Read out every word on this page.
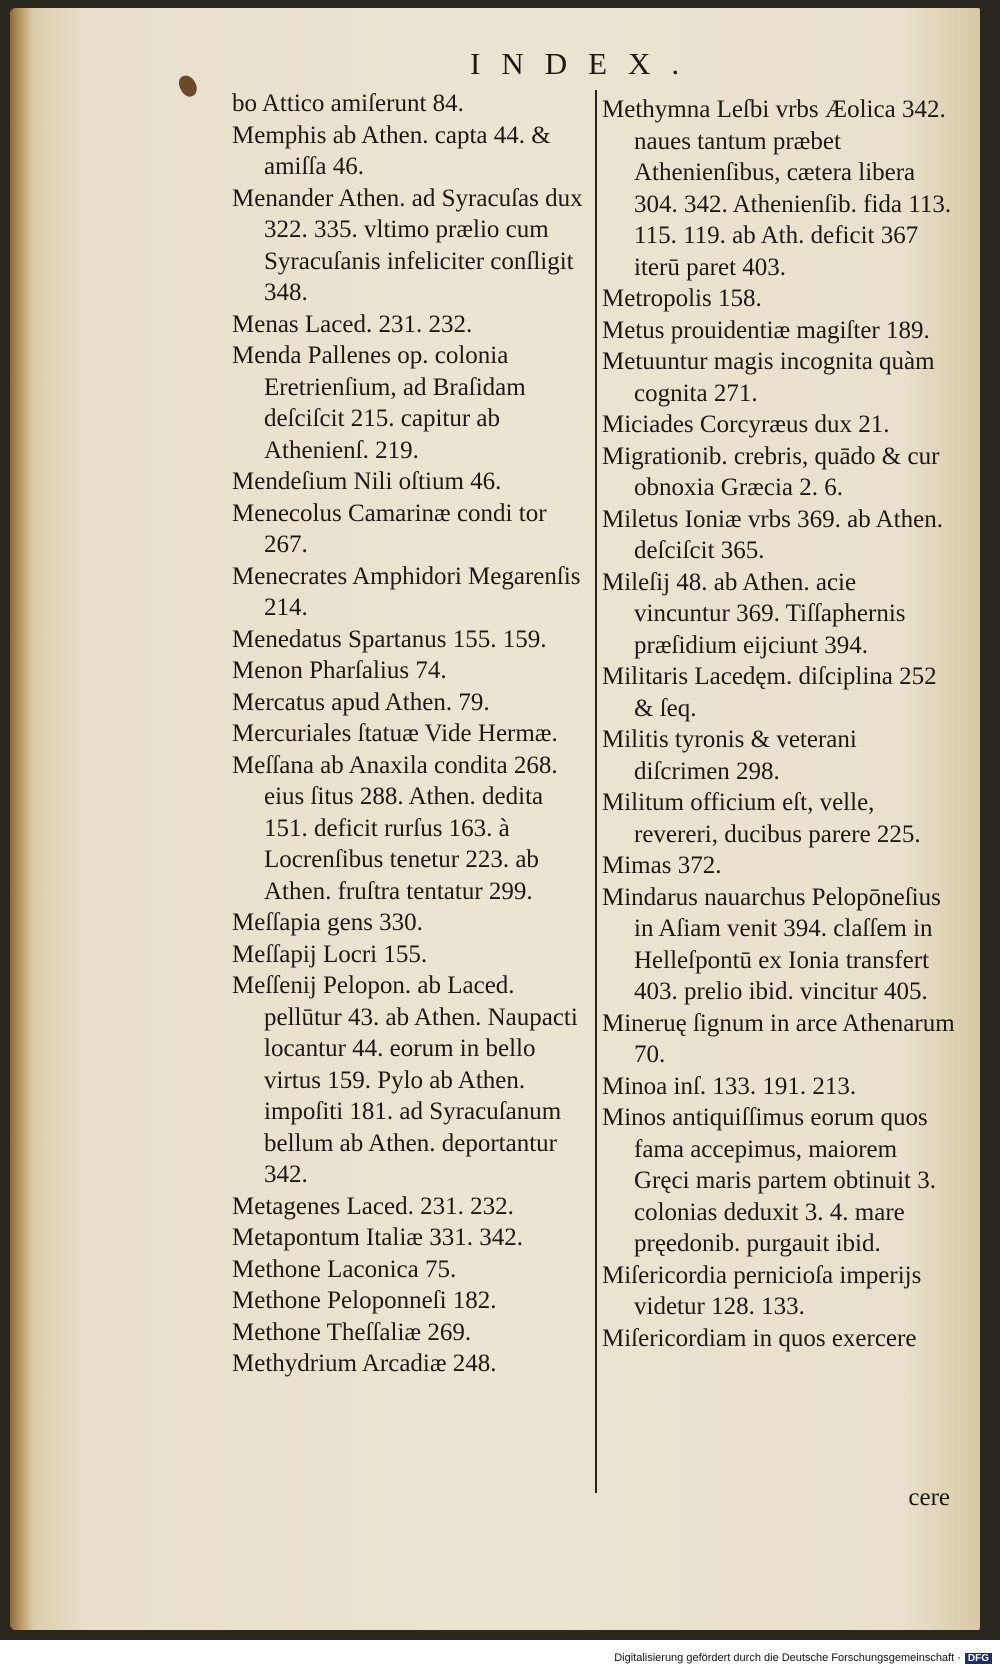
INDEX.

bo Attico amiſerunt 84.

Memphis ab Athen. capta 44. & amiſſa 46.

Menander Athen. ad Syracuſas dux 322. 335. vltimo prælio cum Syracuſanis infeliciter conſligit 348.

Menas Laced. 231. 232.

Menda Pallenes op. colonia Eretrienſium, ad Braſidam deſciſcit 215. capitur ab Athenienſ. 219.

Mendeſium Nili oſtium 46.

Menecolus Camarinæ condi tor 267.

Menecrates Amphidori Megarenſis 214.

Menedatus Spartanus 155. 159.

Menon Pharſalius 74.

Mercatus apud Athen. 79.

Mercuriales ſtatuæ Vide Hermæ.

Meſſana ab Anaxila condita 268. eius ſitus 288. Athen. dedita 151. deficit rurſus 163. à Locrenſibus tenetur 223. ab Athen. fruſtra tentatur 299.

Meſſapia gens 330.

Meſſapij Locri 155.

Meſſenij Pelopon. ab Laced. pellūtur 43. ab Athen. Naupacti locantur 44. eorum in bello virtus 159. Pylo ab Athen. impoſiti 181. ad Syracuſanum bellum ab Athen. deportantur 342.

Metagenes Laced. 231. 232.

Metapontum Italiæ 331. 342.

Methone Laconica 75.

Methone Peloponneſi 182.

Methone Theſſaliæ 269.

Methydrium Arcadiæ 248.

Methymna Leſbi vrbs Æolica 342. naues tantum præbet Athenienſibus, cætera libera 304. 342. Athenienſib. fida 113. 115. 119. ab Ath. deficit 367 iterū paret 403.

Metropolis 158.

Metus prouidentiæ magiſter 189.

Metuuntur magis incognita quàm cognita 271.

Miciades Corcyræus dux 21.

Migrationib. crebris, quādo & cur obnoxia Græcia 2. 6.

Miletus Ioniæ vrbs 369. ab Athen. deſciſcit 365.

Mileſij 48. ab Athen. acie vincuntur 369. Tiſſaphernis præſidium eijciunt 394.

Militaris Lacedęm. diſciplina 252 & ſeq.

Militis tyronis & veterani diſcrimen 298.

Militum officium eſt, velle, revereri, ducibus parere 225.

Mimas 372.

Mindarus nauarchus Pelopōneſius in Aſiam venit 394. claſſem in Helleſpontū ex Ionia transfert 403. prelio ibid. vincitur 405.

Mineruę ſignum in arce Athenarum 70.

Minoa inſ. 133. 191. 213.

Minos antiquiſſimus eorum quos fama accepimus, maiorem Gręci maris partem obtinuit 3. colonias deduxit 3. 4. mare pręedonib. purgauit ibid.

Miſericordia pernicioſa imperijs videtur 128. 133.

Miſericordiam in quos exercere

cere
Digitalisierung gefördert durch die Deutsche Forschungsgemeinschaft · DFG
